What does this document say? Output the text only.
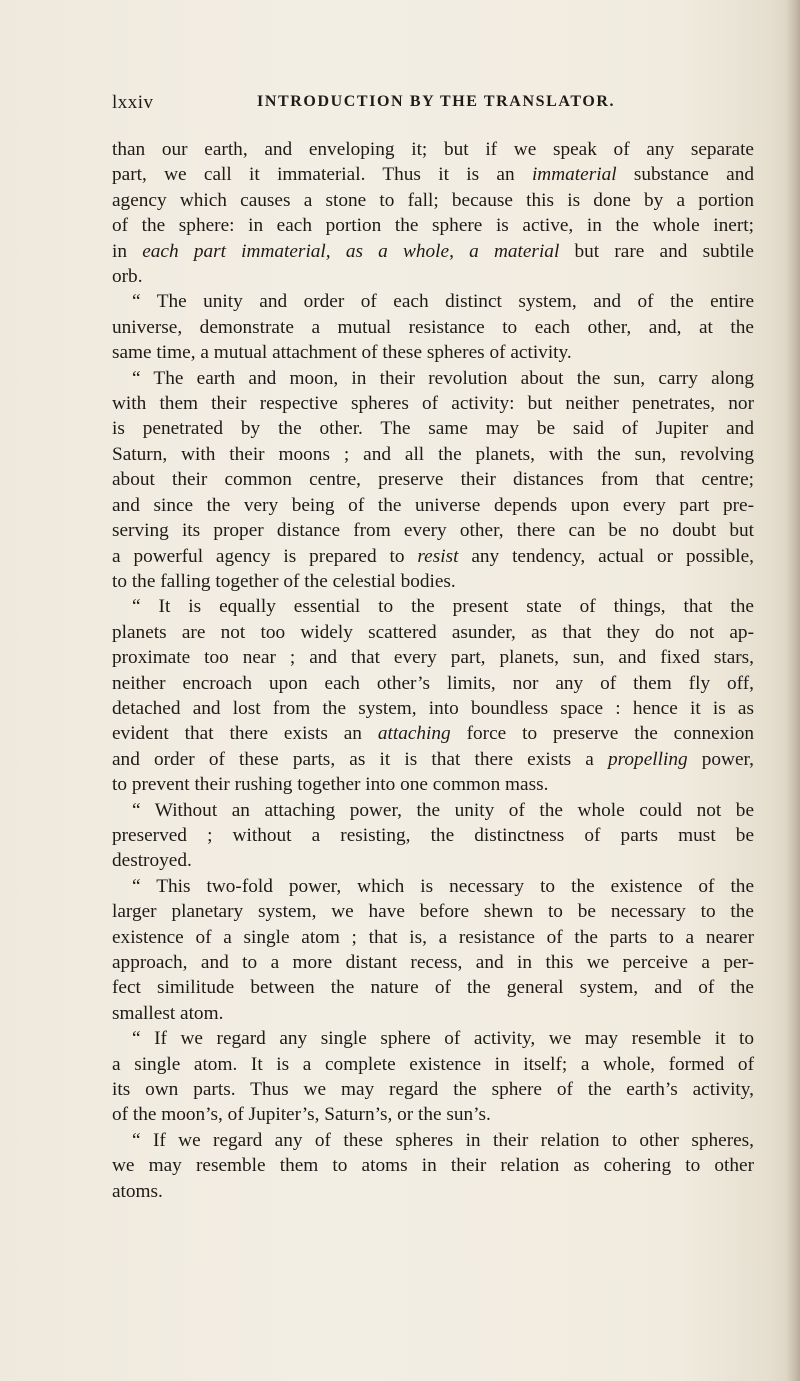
lxxiv	INTRODUCTION BY THE TRANSLATOR.
than our earth, and enveloping it; but if we speak of any separate
part, we call it immaterial. Thus it is an immaterial substance and
agency which causes a stone to fall; because this is done by a portion
of the sphere: in each portion the sphere is active, in the whole inert;
in each part immaterial, as a whole, a material but rare and subtile
orb.
“ The unity and order of each distinct system, and of the entire
universe, demonstrate a mutual resistance to each other, and, at the
same time, a mutual attachment of these spheres of activity.
“ The earth and moon, in their revolution about the sun, carry along
with them their respective spheres of activity: but neither penetrates, nor
is penetrated by the other. The same may be said of Jupiter and
Saturn, with their moons ; and all the planets, with the sun, revolving
about their common centre, preserve their distances from that centre;
and since the very being of the universe depends upon every part pre-
serving its proper distance from every other, there can be no doubt but
a powerful agency is prepared to resist any tendency, actual or possible,
to the falling together of the celestial bodies.
“ It is equally essential to the present state of things, that the
planets are not too widely scattered asunder, as that they do not ap-
proximate too near ; and that every part, planets, sun, and fixed stars,
neither encroach upon each other’s limits, nor any of them fly off,
detached and lost from the system, into boundless space : hence it is as
evident that there exists an attaching force to preserve the connexion
and order of these parts, as it is that there exists a propelling power,
to prevent their rushing together into one common mass.
“ Without an attaching power, the unity of the whole could not be
preserved ; without a resisting, the distinctness of parts must be
destroyed.
“ This two-fold power, which is necessary to the existence of the
larger planetary system, we have before shewn to be necessary to the
existence of a single atom ; that is, a resistance of the parts to a nearer
approach, and to a more distant recess, and in this we perceive a per-
fect similitude between the nature of the general system, and of the
smallest atom.
“ If we regard any single sphere of activity, we may resemble it to
a single atom. It is a complete existence in itself; a whole, formed of
its own parts. Thus we may regard the sphere of the earth’s activity,
of the moon’s, of Jupiter’s, Saturn’s, or the sun’s.
“ If we regard any of these spheres in their relation to other spheres,
we may resemble them to atoms in their relation as cohering to other
atoms.
